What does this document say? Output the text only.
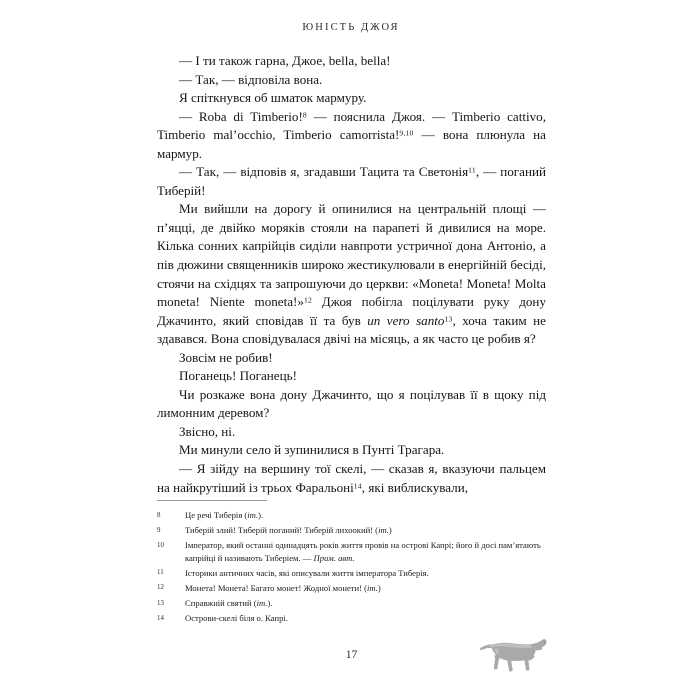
ЮНІСТЬ ДЖОЯ

— І ти також гарна, Джое, bella, bella!

— Так, — відповіла вона.

Я спіткнувся об шматок мармуру.

— Roba di Timberio!$^8$ — пояснила Джоя. — Timberio cattivo, Timberio mal’occhio, Timberio camorrista!$^{9,10}$ — вона плюнула на мармур.

— Так, — відповів я, згадавши Тацита та Светонія$^{11}$, — поганий Тиберій!

Ми вийшли на дорогу й опинилися на центральній площі — п’яцці, де двійко моряків стояли на парапеті й дивилися на море. Кілька сонних капрійців сиділи навпроти устричної дона Антоніо, а пів дюжини священників широко жестикулювали в енергійній бесіді, стоячи на східцях та запрошуючи до церкви: «Moneta! Moneta! Molta moneta! Niente moneta!»$^{12}$ Джоя побігла поцілувати руку дону Джачинто, який сповідав її та був un vero santo$^{13}$, хоча таким не здавався. Вона сповідувалася двічі на місяць, а як часто це робив я?

Зовсім не робив!

Поганець! Поганець!

Чи розкаже вона дону Джачинто, що я поцілував її в щоку під лимонним деревом?

Звісно, ні.

Ми минули село й зупинилися в Пунті Трагара.

— Я зійду на вершину тої скелі, — сказав я, вказуючи пальцем на найкрутіший із трьох Фаральоні$^{14}$, які виблискували,

8	Це речі Тиберія (іт.).
9	Тиберій злий! Тиберій поганий! Тиберій лихоокий! (іт.)
10	Імператор, який останні одинадцять років життя провів на острові Капрі; його й досі пам’ятають капрійці й називають Тиберіем. — Прим. авт.
11	Історики античних часів, які описували життя імператора Тиберія.
12	Монета! Монета! Багато монет! Жодної монети! (іт.)
13	Справжній святий (іт.).
14	Острови-скелі біля о. Капрі.
17
